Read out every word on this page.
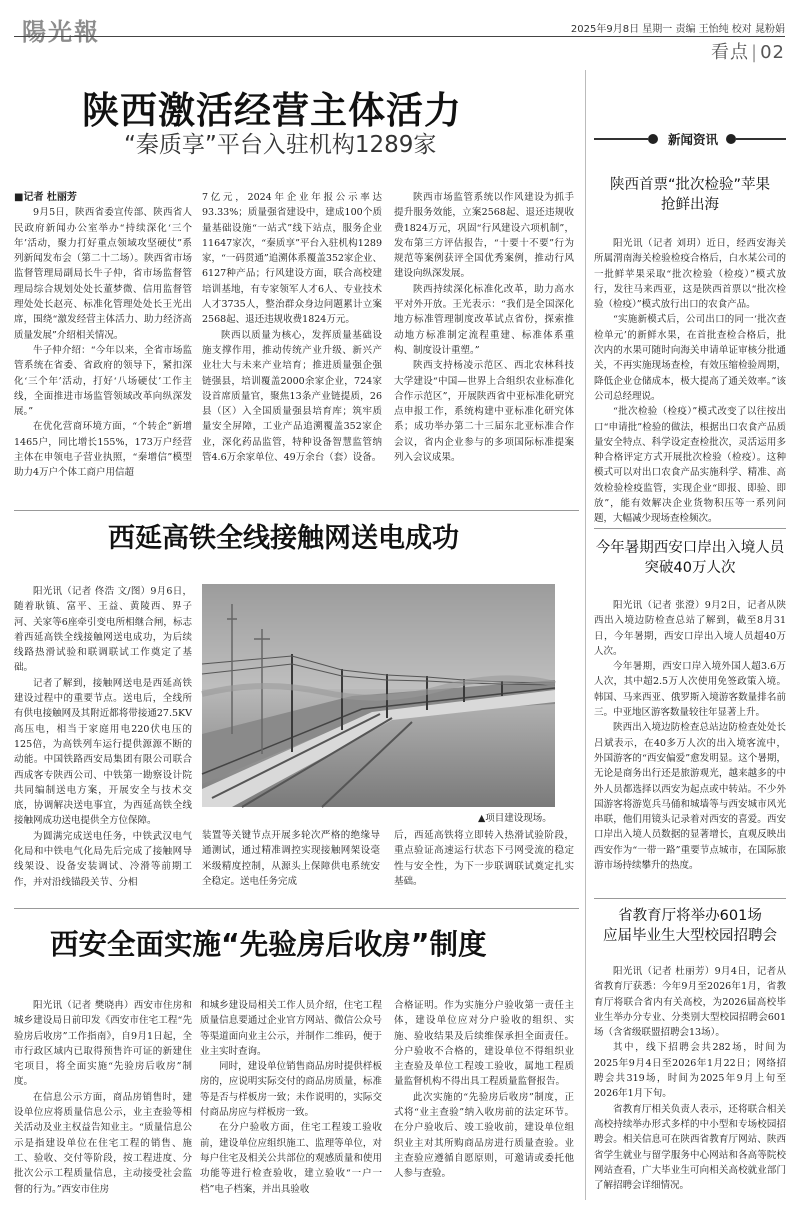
陽光報	2025年9月8日 星期一 责编 王怡纯 校对 晁粉娟
看点 | 02
陕西激活经营主体活力
“秦质享”平台入驻机构1289家
■记者 杜丽芳

9月5日，陕西省委宣传部、陕西省人民政府新闻办公室举办“持续深化‘三个年’活动，聚力打好重点领域攻坚硬仗”系列新闻发布会（第二十二场）。陕西省市场监督管理局副局长牛子仲，省市场监督管理局综合规划处处长董梦微、信用监督管理处处长赵亮、标准化管理处处长王光出席，围绕“激发经营主体活力、助力经济高质量发展”介绍相关情况。

牛子仲介绍：“今年以来，全省市场监管系统在省委、省政府的领导下，紧扣深化‘三个年’活动，打好‘八场硬仗’工作主线，全面推进市场监管领域改革向纵深发展。”

在优化营商环境方面，“个转企”新增1465户，同比增长155%，173万户经营主体在申领电子营业执照，“秦增信”模型助力4万户个体工商户用信超

7亿元，2024年企业年报公示率达93.33%；质量强省建设中，建成100个质量基础设施“一站式”线下站点，服务企业11647家次，“秦质享”平台入驻机构1289家，“一码贯通”追溯体系覆盖352家企业、6127种产品；行风建设方面，联合高校建培训基地，有专家领军人才6人、专业技术人才3735人，整治群众身边问题累计立案2568起、退还违规收费1824万元。

陕西以质量为核心，发挥质量基础设施支撑作用，推动传统产业升级、新兴产业壮大与未来产业培育；推进质量强企强链强县，培训覆盖2000余家企业，724家设首席质量官，聚焦13条产业链提质，26县（区）入全国质量强县培育库；筑牢质量安全屏障，工业产品追溯覆盖352家企业，深化药品监管，特种设备智慧监管纳管4.6万余家单位、49万余台（套）设备。

陕西市场监管系统以作风建设为抓手提升服务效能，立案2568起、退还违规收费1824万元，巩固“行风建设六项机制”，发布第三方评估报告，“十要十不要”行为规范等案例获评全国优秀案例，推动行风建设向纵深发展。

陕西持续深化标准化改革，助力高水平对外开放。王光表示：“我们是全国深化地方标准管理制度改革试点省份，探索推动地方标准制定流程重建、标准体系重构、制度设计重塑。”

陕西支持杨凌示范区、西北农林科技大学建设“中国—世界上合组织农业标准化合作示范区”，开展陕西省中亚标准化研究点申报工作，系统构建中亚标准化研究体系；成功举办第二十三届东北亚标准合作会议，省内企业参与的多项国际标准提案列入会议成果。

西延高铁全线接触网送电成功

阳光讯（记者 佟浩 文/图）9月6日，随着耿镇、富平、王益、黄陵西、界子河、关家等6座牵引变电所相继合闸，标志着西延高铁全线接触网送电成功，为后续线路热滑试验和联调联试工作奠定了基础。

记者了解到，接触网送电是西延高铁建设过程中的重要节点。送电后，全线所有供电接触网及其附近都将带接通27.5KV高压电，相当于家庭用电220伏电压的125倍，为高铁列车运行提供源源不断的动能。中国铁路西安局集团有限公司联合西成客专陕西公司、中铁第一勘察设计院共同编制送电方案，开展安全与技术交底，协调解决送电事宜，为西延高铁全线接触网成功送电提供全方位保障。

为圆满完成送电任务，中铁武汉电气化局和中铁电气化局先后完成了接触网导线架设、设备安装调试、冷滑等前期工作，并对沿线锚段关节、分相

▲项目建设现场。

装置等关键节点开展多轮次严格的绝缘导通测试，通过精准调控实现接触网架设毫米级精度控制，从源头上保障供电系统安全稳定。送电任务完成

后，西延高铁将立即转入热滑试验阶段，重点验证高速运行状态下弓网受流的稳定性与安全性，为下一步联调联试奠定扎实基础。

西安全面实施“先验房后收房”制度

阳光讯（记者 樊晓冉）西安市住房和城乡建设局日前印发《西安市住宅工程“先验房后收房”工作指南》，自9月1日起，全市行政区域内已取得预售许可证的新建住宅项目，将全面实施“先验房后收房”制度。

在信息公示方面，商品房销售时，建设单位应将质量信息公示，业主查验等相关活动及业主权益告知业主。“质量信息公示是指建设单位在住宅工程的销售、施工、验收、交付等阶段，按工程进度、分批次公示工程质量信息，主动接受社会监督的行为。”西安市住房

和城乡建设局相关工作人员介绍，住宅工程质量信息要通过企业官方网站、微信公众号等渠道面向业主公示，并制作二维码，便于业主实时查询。

同时，建设单位销售商品房时提供样板房的，应说明实际交付的商品房质量，标准等是否与样板房一致；未作说明的，实际交付商品房应与样板房一致。

在分户验收方面，住宅工程竣工验收前，建设单位应组织施工、监理等单位，对每户住宅及相关公共部位的观感质量和使用功能等进行检查验收，建立验收“一户一档”电子档案，并出具验收

合格证明。作为实施分户验收第一责任主体，建设单位应对分户验收的组织、实施、验收结果及后续维保承担全面责任。分户验收不合格的，建设单位不得组织业主查验及单位工程竣工验收，属地工程质量监督机构不得出具工程质量监督报告。

此次实施的“先验房后收房”制度，正式将“业主查验”纳入收房前的法定环节。在分户验收后、竣工验收前，建设单位组织业主对其所购商品房进行质量查验。业主查验应遵循自愿原则，可邀请或委托他人参与查验。

新闻资讯
陕西首票“批次检验”苹果
抢鲜出海

阳光讯（记者 刘玥）近日，经西安海关所属渭南海关检验检疫合格后，白水某公司的一批鲜苹果采取“批次检验（检疫）”模式放行，发往马来西亚，这是陕西首票以“批次检验（检疫）”模式放行出口的农食产品。

“实施新模式后，公司出口的同一‘批次查检单元’的新鲜水果，在首批查检合格后，批次内的水果可随时向海关申请单证审核分批通关，不再实施现场查检，有效压缩检验周期，降低企业仓储成本，极大提高了通关效率。”该公司总经理说。

“批次检验（检疫）”模式改变了以往按出口“申请批”检验的做法，根据出口农食产品质量安全特点、科学设定查检批次，灵活运用多种合格评定方式开展批次检验（检疫）。这种模式可以对出口农食产品实施科学、精准、高效检验检疫监管，实现企业“即报、即验、即放”，能有效解决企业货物积压等一系列问题，大幅减少现场查检频次。

今年暑期西安口岸出入境人员
突破40万人次

阳光讯（记者 张澄）9月2日，记者从陕西出入境边防检查总站了解到，截至8月31日，今年暑期，西安口岸出入境人员超40万人次。

今年暑期，西安口岸入境外国人超3.6万人次，其中超2.5万人次使用免签政策入境。韩国、马来西亚、俄罗斯入境游客数量排名前三。中亚地区游客数量较往年显著上升。

陕西出入境边防检查总站边防检查处处长吕斌表示，在40多万人次的出入境客流中，外国游客的“西安偏爱”愈发明显。这个暑期，无论是商务出行还是旅游观光，越来越多的中外人员都选择以西安为起点或中转站。不少外国游客将游览兵马俑和城墙等与西安城市风光串联，他们用镜头记录着对西安的喜爱。西安口岸出入境人员数据的显著增长，直观反映出西安作为“一带一路”重要节点城市，在国际旅游市场持续攀升的热度。

省教育厅将举办601场
应届毕业生大型校园招聘会

阳光讯（记者 杜丽芳）9月4日，记者从省教育厅获悉：今年9月至2026年1月，省教育厅将联合省内有关高校，为2026届高校毕业生举办分专业、分类别大型校园招聘会601场（含省级联盟招聘会13场）。

其中，线下招聘会共282场，时间为2025年9月4日至2026年1月22日；网络招聘会共319场，时间为2025年9月上旬至2026年1月下旬。

省教育厅相关负责人表示，还将联合相关高校持续举办形式多样的中小型和专场校园招聘会。相关信息可在陕西省教育厅网站、陕西省学生就业与留学服务中心网站和各高等院校网站查看，广大毕业生可向相关高校就业部门了解招聘会详细情况。
